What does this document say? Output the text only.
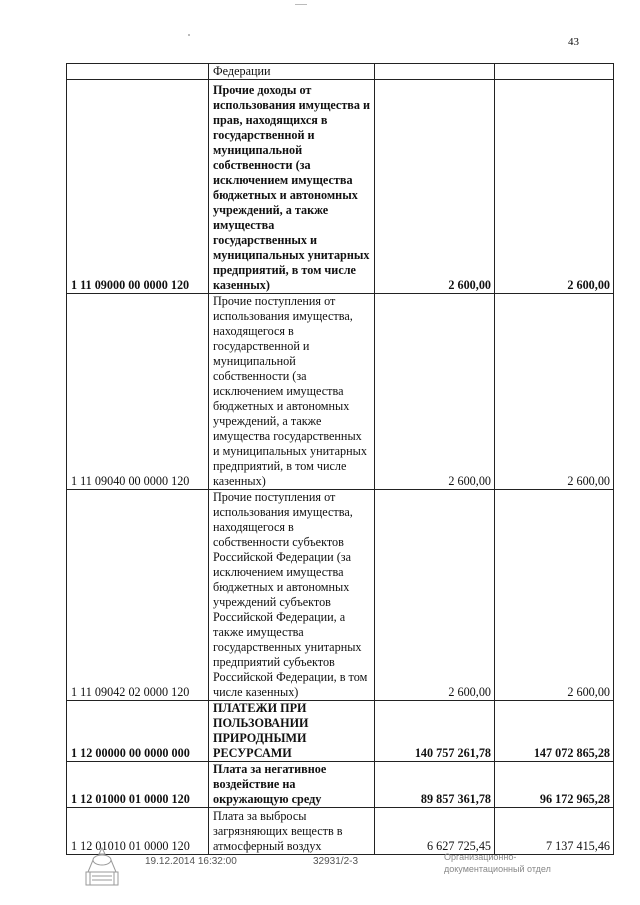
43
	Федерации		
1 11 09000 00 0000 120	Прочие доходы от использования имущества и прав, находящихся в государственной и муниципальной собственности (за исключением имущества бюджетных и автономных учреждений, а также имущества государственных и муниципальных унитарных предприятий, в том числе казенных)	2 600,00	2 600,00
1 11 09040 00 0000 120	Прочие поступления от использования имущества, находящегося в государственной и муниципальной собственности (за исключением имущества бюджетных и автономных учреждений, а также имущества государственных и муниципальных унитарных предприятий, в том числе казенных)	2 600,00	2 600,00
1 11 09042 02 0000 120	Прочие поступления от использования имущества, находящегося в собственности субъектов Российской Федерации (за исключением имущества бюджетных и автономных учреждений субъектов Российской Федерации, а также имущества государственных унитарных предприятий субъектов Российской Федерации, в том числе казенных)	2 600,00	2 600,00
1 12 00000 00 0000 000	ПЛАТЕЖИ ПРИ ПОЛЬЗОВАНИИ ПРИРОДНЫМИ РЕСУРСАМИ	140 757 261,78	147 072 865,28
1 12 01000 01 0000 120	Плата за негативное воздействие на окружающую среду	89 857 361,78	96 172 965,28
1 12 01010 01 0000 120	Плата за выбросы загрязняющих веществ в атмосферный воздух	6 627 725,45	7 137 415,46
19.12.2014 16:32:00	32931/2-3	Организационно-
документационный отдел
